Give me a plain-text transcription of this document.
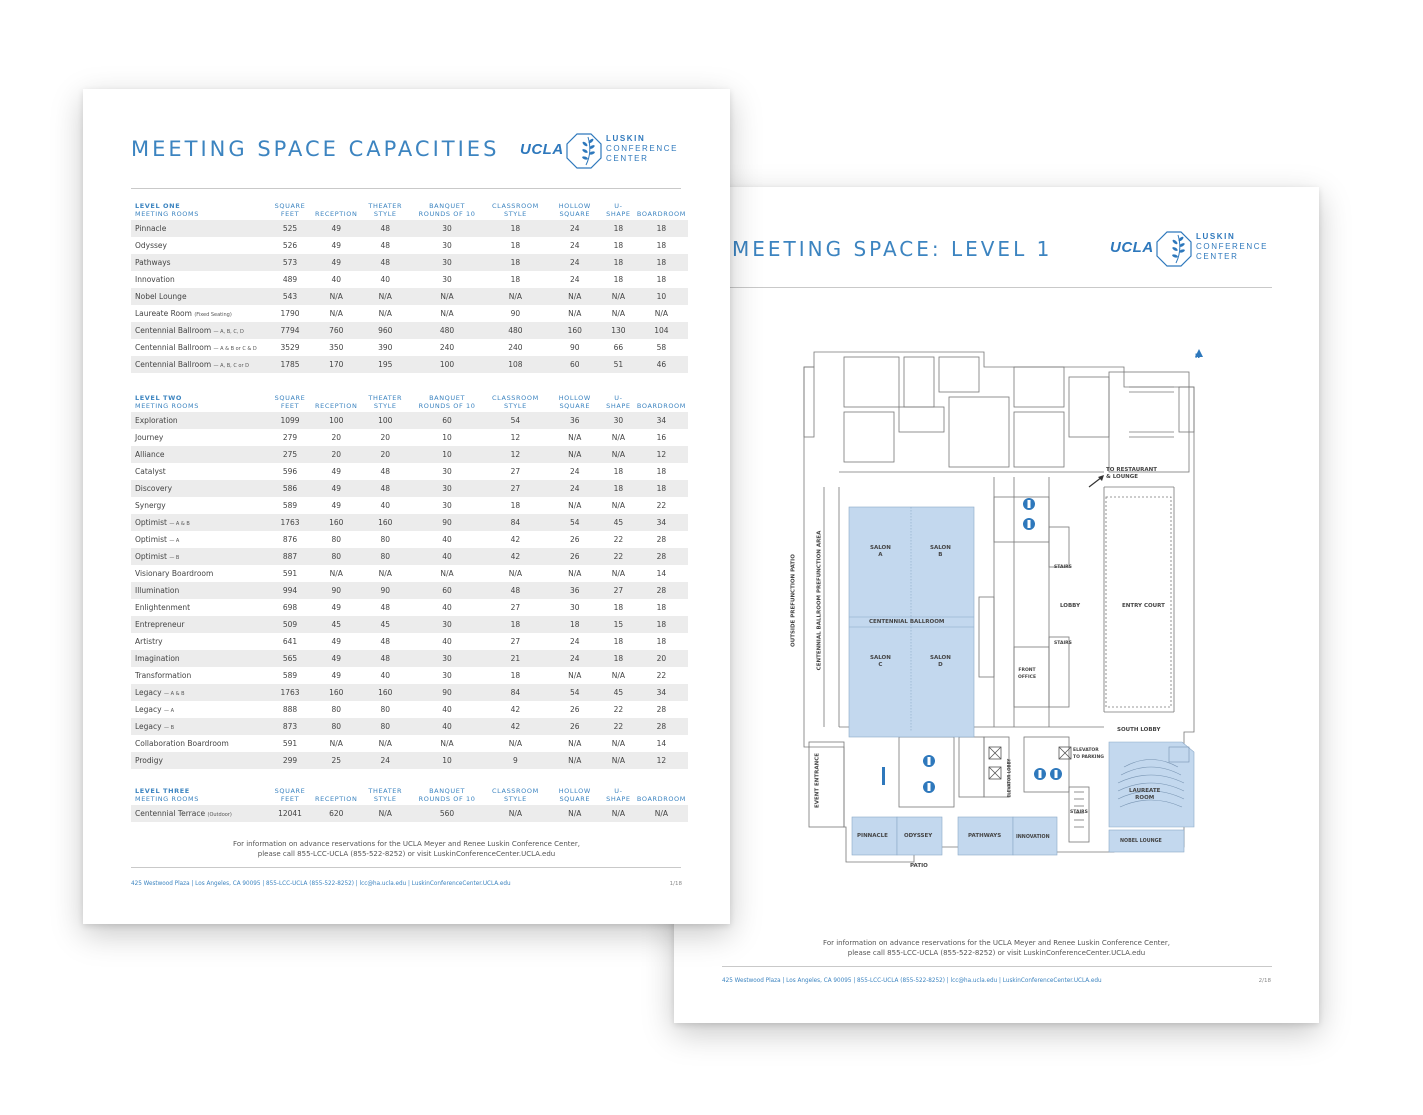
MEETING SPACE: LEVEL 1	UCLA
LUSKIN
CONFERENCE
CENTER
N
TO RESTAURANT
& LOUNGE
SALON
A
SALON
B
CENTENNIAL BALLROOM
SALON
C
SALON
D
LOBBY	ENTRY COURT
STAIRS
STAIRS
FRONT
OFFICE
SOUTH LOBBY
OUTSIDE PREFUNCTION PATIO	CENTENNIAL BALLROOM PREFUNCTION AREA
EVENT ENTRANCE	ELEVATOR LOBBY
ELEVATOR
TO PARKING
LAUREATE
ROOM
PINNACLE	ODYSSEY	PATHWAYS	INNOVATION
NOBEL LOUNGE
PATIO
STAIRS
For information on advance reservations for the UCLA Meyer and Renee Luskin Conference Center,
please call 855-LCC-UCLA (855-522-8252) or visit LuskinConferenceCenter.UCLA.edu
425 Westwood Plaza | Los Angeles, CA 90095 | 855-LCC-UCLA (855-522-8252) | lcc@ha.ucla.edu | LuskinConferenceCenter.UCLA.edu	2/18
MEETING SPACE CAPACITIES UCLA
LUSKIN
CONFERENCE
CENTER
LEVEL ONE
MEETING ROOMS	SQUARE FEET	RECEPTION	THEATER STYLE	BANQUET ROUNDS OF 10	CLASSROOM STYLE	HOLLOW SQUARE	U-SHAPE	BOARDROOM
Pinnacle	525	49	48	30	18	24	18	18
Odyssey	526	49	48	30	18	24	18	18
Pathways	573	49	48	30	18	24	18	18
Innovation	489	40	40	30	18	24	18	18
Nobel Lounge	543	N/A	N/A	N/A	N/A	N/A	N/A	10
Laureate Room (Fixed Seating)	1790	N/A	N/A	N/A	90	N/A	N/A	N/A
Centennial Ballroom — A, B, C, D	7794	760	960	480	480	160	130	104
Centennial Ballroom — A & B or C & D	3529	350	390	240	240	90	66	58
Centennial Ballroom — A, B, C or D	1785	170	195	100	108	60	51	46
LEVEL TWO
MEETING ROOMS	SQUARE FEET	RECEPTION	THEATER STYLE	BANQUET ROUNDS OF 10	CLASSROOM STYLE	HOLLOW SQUARE	U-SHAPE	BOARDROOM
Exploration	1099	100	100	60	54	36	30	34
Journey	279	20	20	10	12	N/A	N/A	16
Alliance	275	20	20	10	12	N/A	N/A	12
Catalyst	596	49	48	30	27	24	18	18
Discovery	586	49	48	30	27	24	18	18
Synergy	589	49	40	30	18	N/A	N/A	22
Optimist — A & B	1763	160	160	90	84	54	45	34
Optimist — A	876	80	80	40	42	26	22	28
Optimist — B	887	80	80	40	42	26	22	28
Visionary Boardroom	591	N/A	N/A	N/A	N/A	N/A	N/A	14
Illumination	994	90	90	60	48	36	27	28
Enlightenment	698	49	48	40	27	30	18	18
Entrepreneur	509	45	45	30	18	18	15	18
Artistry	641	49	48	40	27	24	18	18
Imagination	565	49	48	30	21	24	18	20
Transformation	589	49	40	30	18	N/A	N/A	22
Legacy — A & B	1763	160	160	90	84	54	45	34
Legacy — A	888	80	80	40	42	26	22	28
Legacy — B	873	80	80	40	42	26	22	28
Collaboration Boardroom	591	N/A	N/A	N/A	N/A	N/A	N/A	14
Prodigy	299	25	24	10	9	N/A	N/A	12
LEVEL THREE
MEETING ROOMS	SQUARE FEET	RECEPTION	THEATER STYLE	BANQUET ROUNDS OF 10	CLASSROOM STYLE	HOLLOW SQUARE	U-SHAPE	BOARDROOM
Centennial Terrace (Outdoor)	12041	620	N/A	560	N/A	N/A	N/A	N/A
For information on advance reservations for the UCLA Meyer and Renee Luskin Conference Center,
please call 855-LCC-UCLA (855-522-8252) or visit LuskinConferenceCenter.UCLA.edu
425 Westwood Plaza | Los Angeles, CA 90095 | 855-LCC-UCLA (855-522-8252) | lcc@ha.ucla.edu | LuskinConferenceCenter.UCLA.edu	1/18
